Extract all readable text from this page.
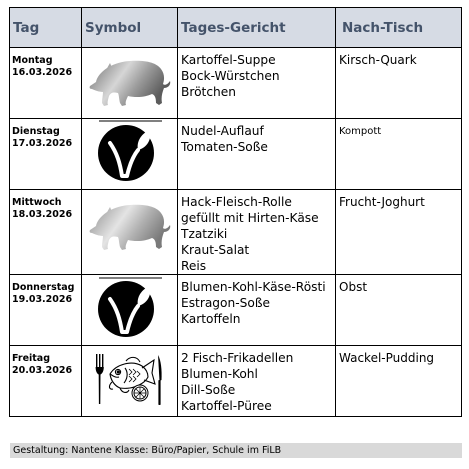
Tag	Symbol	Tages-Gericht	Nach-Tisch

Montag
16.03.2026		Kartoffel-Suppe
Bock-Würstchen
Brötchen	Kirsch-Quark

Dienstag
17.03.2026		Nudel-Auflauf
Tomaten-Soße	Kompott

Mittwoch
18.03.2026		Hack-Fleisch-Rolle
gefüllt mit Hirten-Käse
Tzatziki
Kraut-Salat
Reis	Frucht-Joghurt

Donnerstag
19.03.2026		Blumen-Kohl-Käse-Rösti
Estragon-Soße
Kartoffeln	Obst

Freitag
20.03.2026		2 Fisch-Frikadellen
Blumen-Kohl
Dill-Soße
Kartoffel-Püree	Wackel-Pudding
Gestaltung: Nantene Klasse: Büro/Papier, Schule im FiLB
